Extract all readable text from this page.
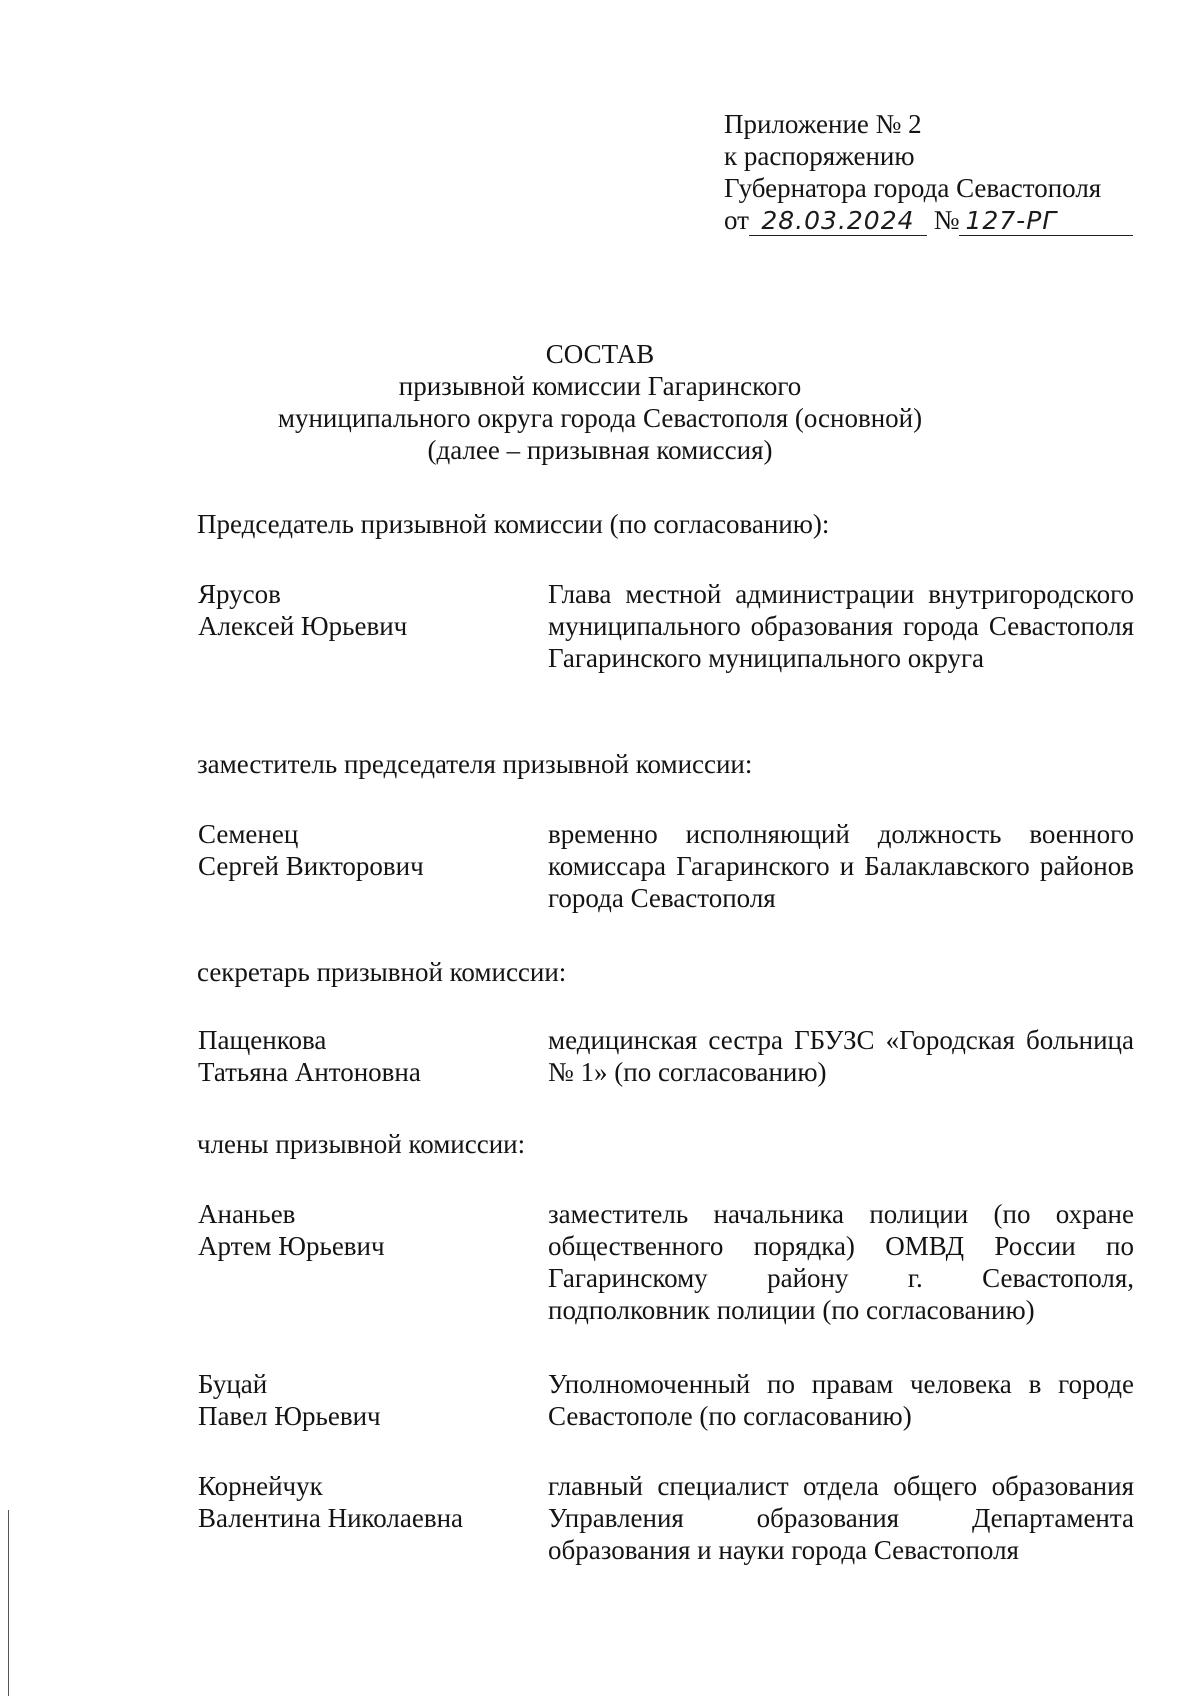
Приложение № 2
к распоряжению
Губернатора города Севастополя
от 28.03.2024 № 127-РГ
СОСТАВ
призывной комиссии Гагаринского
муниципального округа города Севастополя (основной)
(далее – призывная комиссия)
Председатель призывной комиссии (по согласованию):
Ярусов
Алексей Юрьевич
Глава местной администрации внутригородского муниципального образования города Севастополя Гагаринского муниципального округа
заместитель председателя призывной комиссии:
Семенец
Сергей Викторович
временно исполняющий должность военного комиссара Гагаринского и Балаклавского районов города Севастополя
секретарь призывной комиссии:
Пащенкова
Татьяна Антоновна
медицинская сестра ГБУЗС «Городская больница № 1» (по согласованию)
члены призывной комиссии:
Ананьев
Артем Юрьевич
заместитель начальника полиции (по охране общественного порядка) ОМВД России по Гагаринскому району г. Севастополя, подполковник полиции (по согласованию)
Буцай
Павел Юрьевич
Уполномоченный по правам человека в городе Севастополе (по согласованию)
Корнейчук
Валентина Николаевна
главный специалист отдела общего образования Управления образования Департамента образования и науки города Севастополя
